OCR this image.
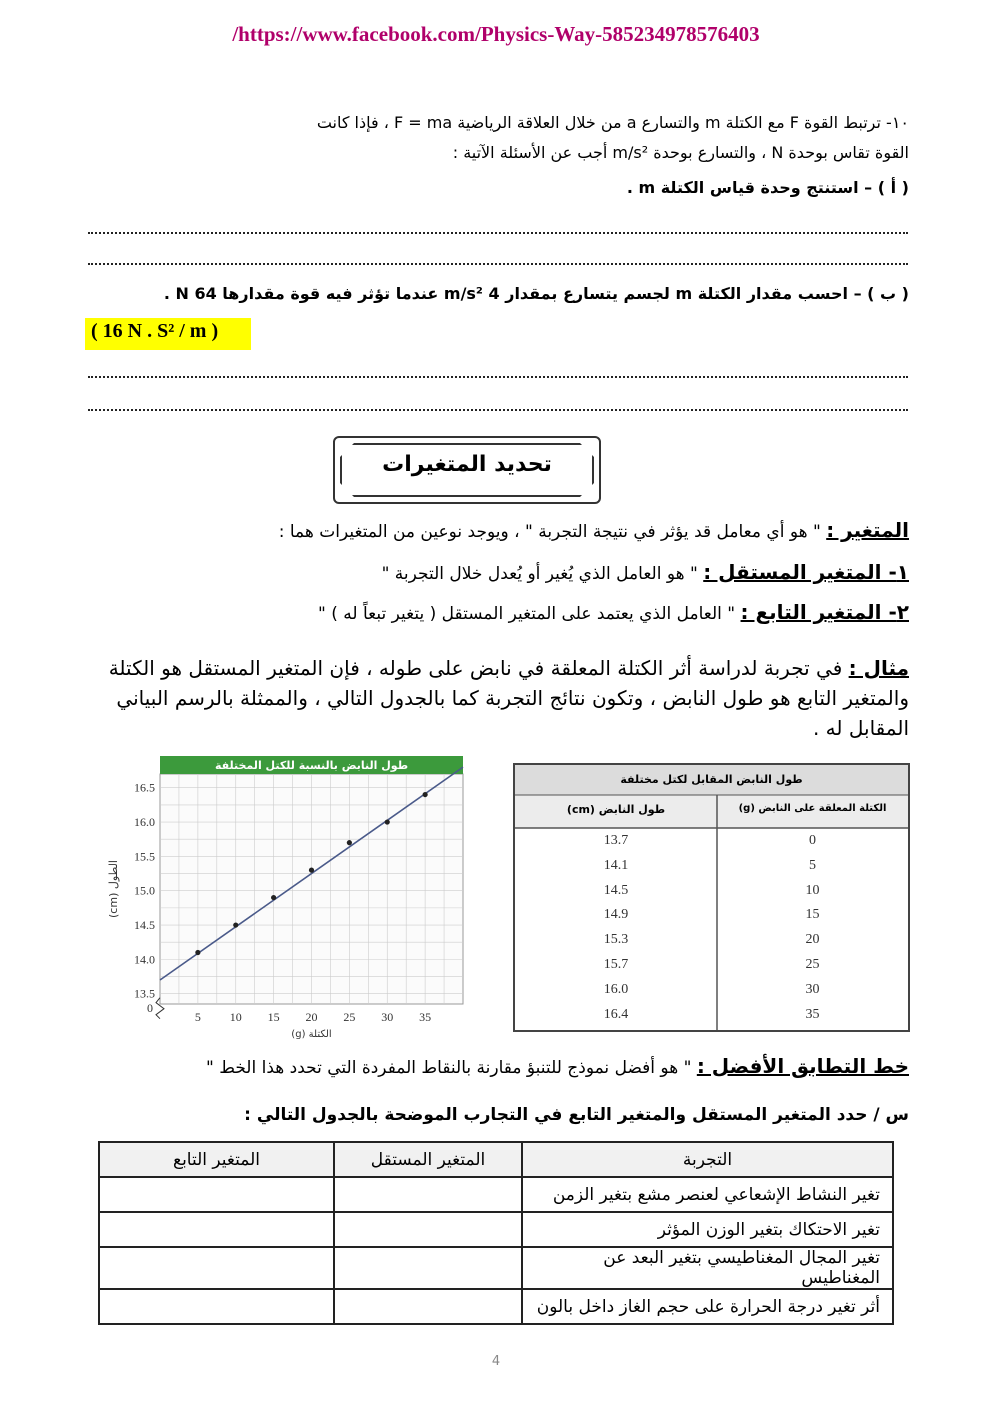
/https://www.facebook.com/Physics-Way-585234978576403
١٠- ترتبط القوة F مع الكتلة m والتسارع a من خلال العلاقة الرياضية F = ma ، فإذا كانت
القوة تقاس بوحدة N ، والتسارع بوحدة m/s² أجب عن الأسئلة الآتية :
( أ ) – استنتج وحدة قياس الكتلة m .
( ب ) – احسب مقدار الكتلة m لجسم يتسارع بمقدار 4 m/s² عندما تؤثر فيه قوة مقدارها 64 N .
( 16 N . S² / m )
تحديد المتغيرات
المتغير : " هو أي معامل قد يؤثر في نتيجة التجربة " ، ويوجد نوعين من المتغيرات هما :
١- المتغير المستقل : " هو العامل الذي يُغير أو يُعدل خلال التجربة "
٢- المتغير التابع : " العامل الذي يعتمد على المتغير المستقل ( يتغير تبعاً له ) "
مثال : في تجربة لدراسة أثر الكتلة المعلقة في نابض على طوله ، فإن المتغير المستقل هو الكتلة والمتغير التابع هو طول النابض ، وتكون نتائج التجربة كما بالجدول التالي ، والممثلة بالرسم البياني المقابل له .
طول النابض بالنسبة للكتل المختلفة
13.5
14.0
14.5
15.0
15.5
16.0
16.5
5 10 15 20 25 30 35
0
الكتلة (g)
الطول (cm)
طول النابض المقابل لكتل مختلفة
طول النابض (cm)	الكتلة المعلقة على النابض (g)
13.7	0
14.1	5
14.5	10
14.9	15
15.3	20
15.7	25
16.0	30
16.4	35
خط التطابق الأفضل : " هو أفضل نموذج للتنبؤ مقارنة بالنقاط المفردة التي تحدد هذا الخط "
س / حدد المتغير المستقل والمتغير التابع في التجارب الموضحة بالجدول التالي :
التجربة	المتغير المستقل	المتغير التابع
تغير النشاط الإشعاعي لعنصر مشع بتغير الزمن		
تغير الاحتكاك بتغير الوزن المؤثر		
تغير المجال المغناطيسي بتغير البعد عن المغناطيس		
أثر تغير درجة الحرارة على حجم الغاز داخل بالون		
4
